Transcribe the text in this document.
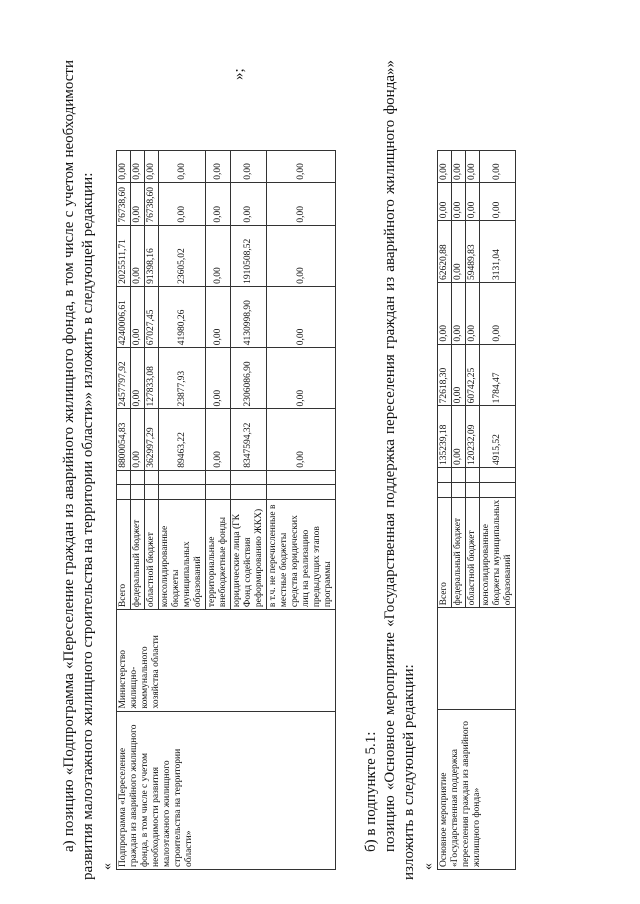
а) позицию «Подпрограмма «Переселение граждан из аварийного жилищного фонда, в том числе с учетом необходимости развития малоэтажного жилищного строительства на территории области»» изложить в следующей редакции: « Подпрограмма «Переселение граждан из аварийного жилищного фонда, в том числе с учетом необходимости развития малоэтажного жилищного строительства на территории области»	Министерство жилищно-коммунального хозяйства области	Всего			8800054,83	2457797,92	4240006,61	2025511,71	76738,60	0,00
		федеральный бюджет			0,00	0,00	0,00	0,00	0,00	0,00
		областной бюджет			362997,29	127833,08	67027,45	91398,16	76738,60	0,00
		консолидированные бюджеты муниципальных образований			89463,22	23877,93	41980,26	23605,02	0,00	0,00
		территориальные внебюджетные фонды			0,00	0,00	0,00	0,00	0,00	0,00
		юридические лица (ГК Фонд содействия реформированию ЖКХ)			8347594,32	2306086,90	4130998,90	1910508,52	0,00	0,00
		в т.ч. не перечисленные в местные бюджеты средства юридических лиц на реализацию предыдущих этапов программы			0,00	0,00	0,00	0,00	0,00	0,00
»;

б) в подпункте 5.1: позицию «Основное мероприятие «Государственная поддержка переселения граждан из аварийного жилищного фонда»» изложить в следующей редакции: « Основное мероприятие «Государственная поддержка переселения граждан из аварийного жилищного фонда»		Всего			135239,18	72618,30	0,00	62620,88	0,00	0,00
		федеральный бюджет			0,00	0,00	0,00	0,00	0,00	0,00
		областной бюджет			120232,09	60742,25	0,00	59489,83	0,00	0,00
		консолидированные бюджеты муниципальных образований			4915,52	1784,47	0,00	3131,04	0,00	0,00
